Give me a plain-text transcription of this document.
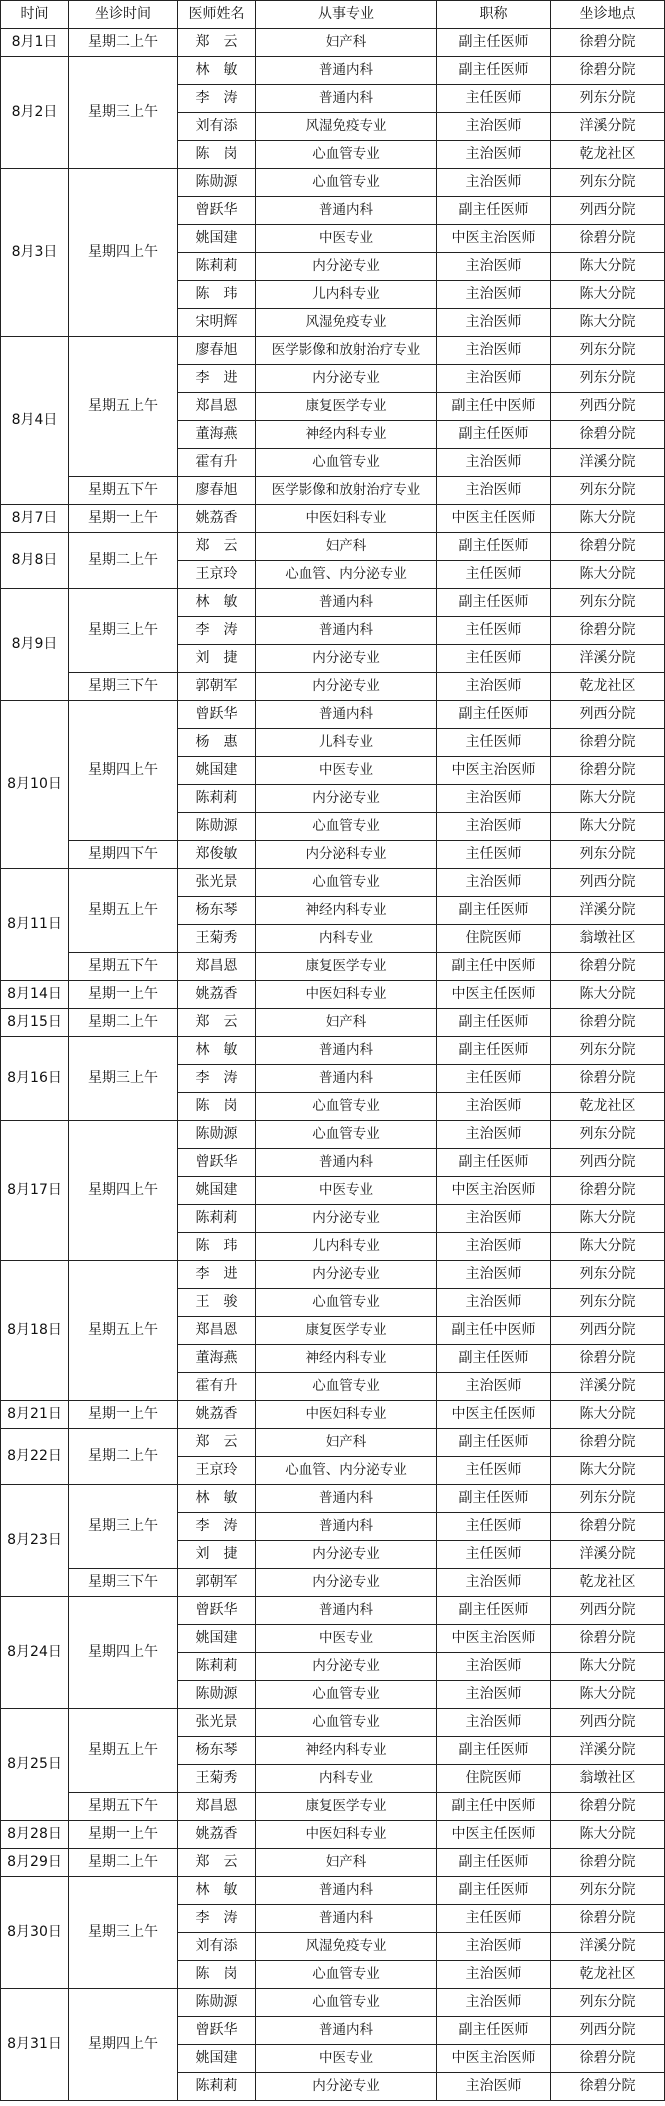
时间	坐诊时间	医师姓名	从事专业	职称	坐诊地点
8月1日	星期二上午	郑　云	妇产科	副主任医师	徐碧分院
8月2日	星期三上午	林　敏	普通内科	副主任医师	徐碧分院
		李　涛	普通内科	主任医师	列东分院
		刘有添	风湿免疫专业	主治医师	洋溪分院
		陈　岗	心血管专业	主治医师	乾龙社区
8月3日	星期四上午	陈勋源	心血管专业	主治医师	列东分院
		曾跃华	普通内科	副主任医师	列西分院
		姚国建	中医专业	中医主治医师	徐碧分院
		陈莉莉	内分泌专业	主治医师	陈大分院
		陈　玮	儿内科专业	主治医师	陈大分院
		宋明辉	风湿免疫专业	主治医师	陈大分院
8月4日	星期五上午	廖春旭	医学影像和放射治疗专业	主治医师	列东分院
		李　进	内分泌专业	主治医师	列东分院
		郑昌恩	康复医学专业	副主任中医师	列西分院
		董海燕	神经内科专业	副主任医师	徐碧分院
		霍有升	心血管专业	主治医师	洋溪分院
	星期五下午	廖春旭	医学影像和放射治疗专业	主治医师	列东分院
8月7日	星期一上午	姚荔香	中医妇科专业	中医主任医师	陈大分院
8月8日	星期二上午	郑　云	妇产科	副主任医师	徐碧分院
		王京玲	心血管、内分泌专业	主任医师	陈大分院
8月9日	星期三上午	林　敏	普通内科	副主任医师	列东分院
		李　涛	普通内科	主任医师	徐碧分院
		刘　捷	内分泌专业	主任医师	洋溪分院
	星期三下午	郭朝军	内分泌专业	主治医师	乾龙社区
8月10日	星期四上午	曾跃华	普通内科	副主任医师	列西分院
		杨　惠	儿科专业	主任医师	徐碧分院
		姚国建	中医专业	中医主治医师	徐碧分院
		陈莉莉	内分泌专业	主治医师	陈大分院
		陈勋源	心血管专业	主治医师	陈大分院
	星期四下午	郑俊敏	内分泌科专业	主任医师	列东分院
8月11日	星期五上午	张光景	心血管专业	主治医师	列西分院
		杨东琴	神经内科专业	副主任医师	洋溪分院
		王菊秀	内科专业	住院医师	翁墩社区
	星期五下午	郑昌恩	康复医学专业	副主任中医师	徐碧分院
8月14日	星期一上午	姚荔香	中医妇科专业	中医主任医师	陈大分院
8月15日	星期二上午	郑　云	妇产科	副主任医师	徐碧分院
8月16日	星期三上午	林　敏	普通内科	副主任医师	列东分院
		李　涛	普通内科	主任医师	徐碧分院
		陈　岗	心血管专业	主治医师	乾龙社区
8月17日	星期四上午	陈勋源	心血管专业	主治医师	列东分院
		曾跃华	普通内科	副主任医师	列西分院
		姚国建	中医专业	中医主治医师	徐碧分院
		陈莉莉	内分泌专业	主治医师	陈大分院
		陈　玮	儿内科专业	主治医师	陈大分院
8月18日	星期五上午	李　进	内分泌专业	主治医师	列东分院
		王　骏	心血管专业	主治医师	列东分院
		郑昌恩	康复医学专业	副主任中医师	列西分院
		董海燕	神经内科专业	副主任医师	徐碧分院
		霍有升	心血管专业	主治医师	洋溪分院
8月21日	星期一上午	姚荔香	中医妇科专业	中医主任医师	陈大分院
8月22日	星期二上午	郑　云	妇产科	副主任医师	徐碧分院
		王京玲	心血管、内分泌专业	主任医师	陈大分院
8月23日	星期三上午	林　敏	普通内科	副主任医师	列东分院
		李　涛	普通内科	主任医师	徐碧分院
		刘　捷	内分泌专业	主任医师	洋溪分院
	星期三下午	郭朝军	内分泌专业	主治医师	乾龙社区
8月24日	星期四上午	曾跃华	普通内科	副主任医师	列西分院
		姚国建	中医专业	中医主治医师	徐碧分院
		陈莉莉	内分泌专业	主治医师	陈大分院
		陈勋源	心血管专业	主治医师	陈大分院
8月25日	星期五上午	张光景	心血管专业	主治医师	列西分院
		杨东琴	神经内科专业	副主任医师	洋溪分院
		王菊秀	内科专业	住院医师	翁墩社区
	星期五下午	郑昌恩	康复医学专业	副主任中医师	徐碧分院
8月28日	星期一上午	姚荔香	中医妇科专业	中医主任医师	陈大分院
8月29日	星期二上午	郑　云	妇产科	副主任医师	徐碧分院
8月30日	星期三上午	林　敏	普通内科	副主任医师	列东分院
		李　涛	普通内科	主任医师	徐碧分院
		刘有添	风湿免疫专业	主治医师	洋溪分院
		陈　岗	心血管专业	主治医师	乾龙社区
8月31日	星期四上午	陈勋源	心血管专业	主治医师	列东分院
		曾跃华	普通内科	副主任医师	列西分院
		姚国建	中医专业	中医主治医师	徐碧分院
		陈莉莉	内分泌专业	主治医师	徐碧分院
